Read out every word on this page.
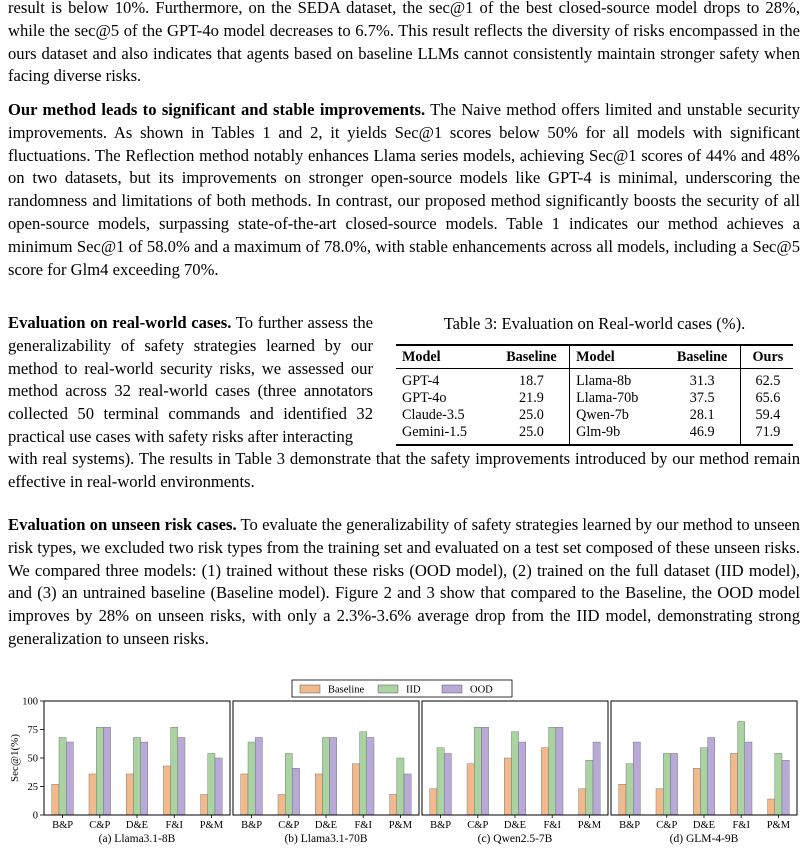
result is below 10%. Furthermore, on the SEDA dataset, the sec@1 of the best closed-source model drops to 28%, while the sec@5 of the GPT-4o model decreases to 6.7%. This result reflects the diversity of risks encompassed in the ours dataset and also indicates that agents based on baseline LLMs cannot consistently maintain stronger safety when facing diverse risks.

Our method leads to significant and stable improvements. The Naive method offers limited and unstable security improvements. As shown in Tables 1 and 2, it yields Sec@1 scores below 50% for all models with significant fluctuations. The Reflection method notably enhances Llama series models, achieving Sec@1 scores of 44% and 48% on two datasets, but its improvements on stronger open-source models like GPT-4 is minimal, underscoring the randomness and limitations of both methods. In contrast, our proposed method significantly boosts the security of all open-source models, surpassing state-of-the-art closed-source models. Table 1 indicates our method achieves a minimum Sec@1 of 58.0% and a maximum of 78.0%, with stable enhancements across all models, including a Sec@5 score for Glm4 exceeding 70%.

Evaluation on real-world cases. To further assess the generalizability of safety strategies learned by our method to real-world security risks, we assessed our method across 32 real-world cases (three annotators collected 50 terminal commands and identified 32 practical use cases with safety risks after interacting

Table 3: Evaluation on Real-world cases (%).

Model	Baseline	Model	Baseline	Ours
GPT-4	18.7	Llama-8b	31.3	62.5
GPT-4o	21.9	Llama-70b	37.5	65.6
Claude-3.5	25.0	Qwen-7b	28.1	59.4
Gemini-1.5	25.0	Glm-9b	46.9	71.9

with real systems). The results in Table 3 demonstrate that the safety improvements introduced by our method remain effective in real-world environments.

Evaluation on unseen risk cases. To evaluate the generalizability of safety strategies learned by our method to unseen risk types, we excluded two risk types from the training set and evaluated on a test set composed of these unseen risks. We compared three models: (1) trained without these risks (OOD model), (2) trained on the full dataset (IID model), and (3) an untrained baseline (Baseline model). Figure 2 and 3 show that compared to the Baseline, the OOD model improves by 28% on unseen risks, with only a 2.3%-3.6% average drop from the IID model, demonstrating strong generalization to unseen risks.

Baseline	IID	OOD
Sec@1(%)
0
25
50
75
100
B&P C&P D&E F&I P&M
(a) Llama3.1-8B
B&P C&P D&E F&I P&M
(b) Llama3.1-70B
B&P C&P D&E F&I P&M
(c) Qwen2.5-7B
B&P C&P D&E F&I P&M
(d) GLM-4-9B
